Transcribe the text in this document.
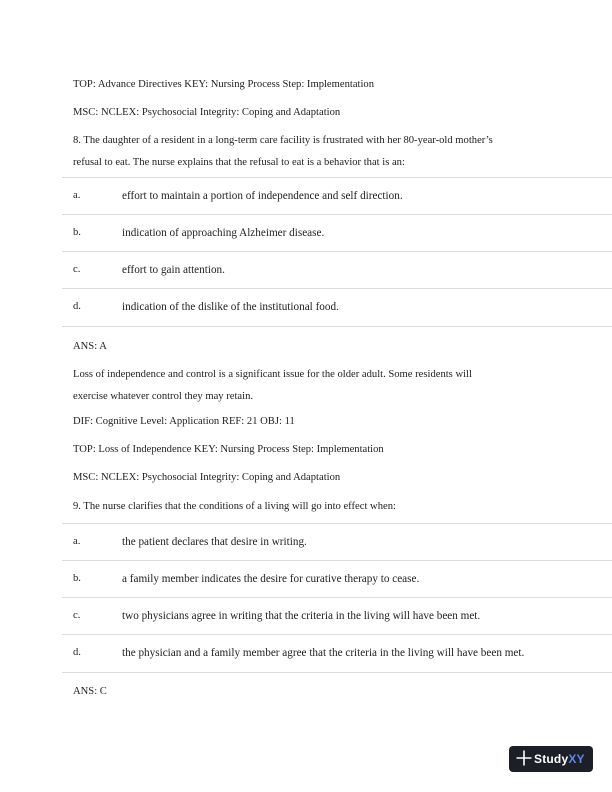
TOP: Advance Directives KEY: Nursing Process Step: Implementation
MSC: NCLEX: Psychosocial Integrity: Coping and Adaptation
8. The daughter of a resident in a long-term care facility is frustrated with her 80-year-old mother’s
refusal to eat. The nurse explains that the refusal to eat is a behavior that is an:
a.	effort to maintain a portion of independence and self direction.
b.	indication of approaching Alzheimer disease.
c.	effort to gain attention.
d.	indication of the dislike of the institutional food.
ANS: A
Loss of independence and control is a significant issue for the older adult. Some residents will
exercise whatever control they may retain.
DIF: Cognitive Level: Application REF: 21 OBJ: 11
TOP: Loss of Independence KEY: Nursing Process Step: Implementation
MSC: NCLEX: Psychosocial Integrity: Coping and Adaptation
9. The nurse clarifies that the conditions of a living will go into effect when:
a.	the patient declares that desire in writing.
b.	a family member indicates the desire for curative therapy to cease.
c.	two physicians agree in writing that the criteria in the living will have been met.
d.	the physician and a family member agree that the criteria in the living will have been met.
ANS: C
StudyXY
